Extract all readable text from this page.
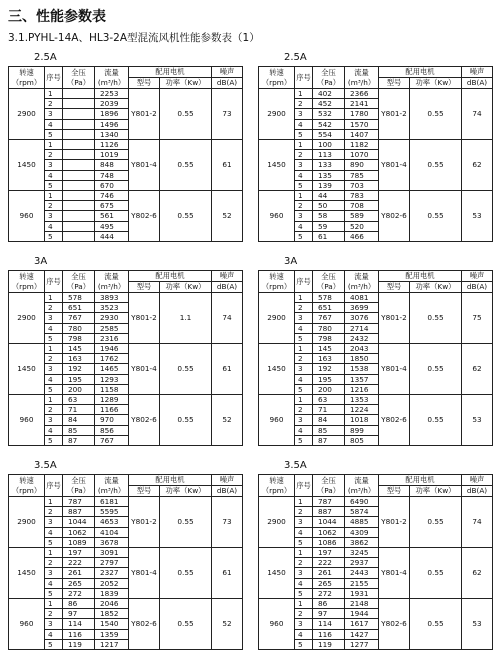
三、性能参数表
3.1.PYHL-14A、HL3-2A型混流风机性能参数表（1）
2.5A
转速
（rpm）	序号	全压
（Pa）	流量
(m³/h）	配用电机		噪声
				型号	功率（Kw）	dB(A)
2900	1		2253	Y801-2	0.55	73
	2		2039			
	3		1896			
	4		1496			
	5		1340			
1450	1		1126	Y801-4	0.55	61
	2		1019			
	3		848			
	4		748			
	5		670			
960	1		746	Y802-6	0.55	52
	2		675			
	3		561			
	4		495			
	5		444			
2.5A
转速
（rpm）	序号	全压
（Pa）	流量
(m³/h）	配用电机		噪声
				型号	功率（Kw）	dB(A)
2900	1	402	2366	Y801-2	0.55	74
	2	452	2141			
	3	532	1780			
	4	542	1570			
	5	554	1407			
1450	1	100	1182	Y801-4	0.55	62
	2	113	1070			
	3	133	890			
	4	135	785			
	5	139	703			
960	1	44	783	Y802-6	0.55	53
	2	50	708			
	3	58	589			
	4	59	520			
	5	61	466			
3A
转速
（rpm）	序号	全压
（Pa）	流量
(m³/h）	配用电机		噪声
				型号	功率（Kw）	dB(A)
2900	1	578	3893	Y801-2	1.1	74
	2	651	3523			
	3	767	2930			
	4	780	2585			
	5	798	2316			
1450	1	145	1946	Y801-4	0.55	61
	2	163	1762			
	3	192	1465			
	4	195	1293			
	5	200	1158			
960	1	63	1289	Y802-6	0.55	52
	2	71	1166			
	3	84	970			
	4	85	856			
	5	87	767			
3A
转速
（rpm）	序号	全压
（Pa）	流量
(m³/h）	配用电机		噪声
				型号	功率（Kw）	dB(A)
2900	1	578	4081	Y801-2	0.55	75
	2	651	3699			
	3	767	3076			
	4	780	2714			
	5	798	2432			
1450	1	145	2043	Y801-4	0.55	62
	2	163	1850			
	3	192	1538			
	4	195	1357			
	5	200	1216			
960	1	63	1353	Y802-6	0.55	53
	2	71	1224			
	3	84	1018			
	4	85	899			
	5	87	805			
3.5A
转速
（rpm）	序号	全压
（Pa）	流量
(m³/h）	配用电机		噪声
				型号	功率（Kw）	dB(A)
2900	1	787	6181	Y801-2	0.55	73
	2	887	5595			
	3	1044	4653			
	4	1062	4104			
	5	1089	3678			
1450	1	197	3091	Y801-4	0.55	61
	2	222	2797			
	3	261	2327			
	4	265	2052			
	5	272	1839			
960	1	86	2046	Y802-6	0.55	52
	2	97	1852			
	3	114	1540			
	4	116	1359			
	5	119	1217			
3.5A
转速
（rpm）	序号	全压
（Pa）	流量
(m³/h）	配用电机		噪声
				型号	功率（Kw）	dB(A)
2900	1	787	6490	Y801-2	0.55	74
	2	887	5874			
	3	1044	4885			
	4	1062	4309			
	5	1086	3862			
1450	1	197	3245	Y801-4	0.55	62
	2	222	2937			
	3	261	2443			
	4	265	2155			
	5	272	1931			
960	1	86	2148	Y802-6	0.55	53
	2	97	1944			
	3	114	1617			
	4	116	1427			
	5	119	1277			
